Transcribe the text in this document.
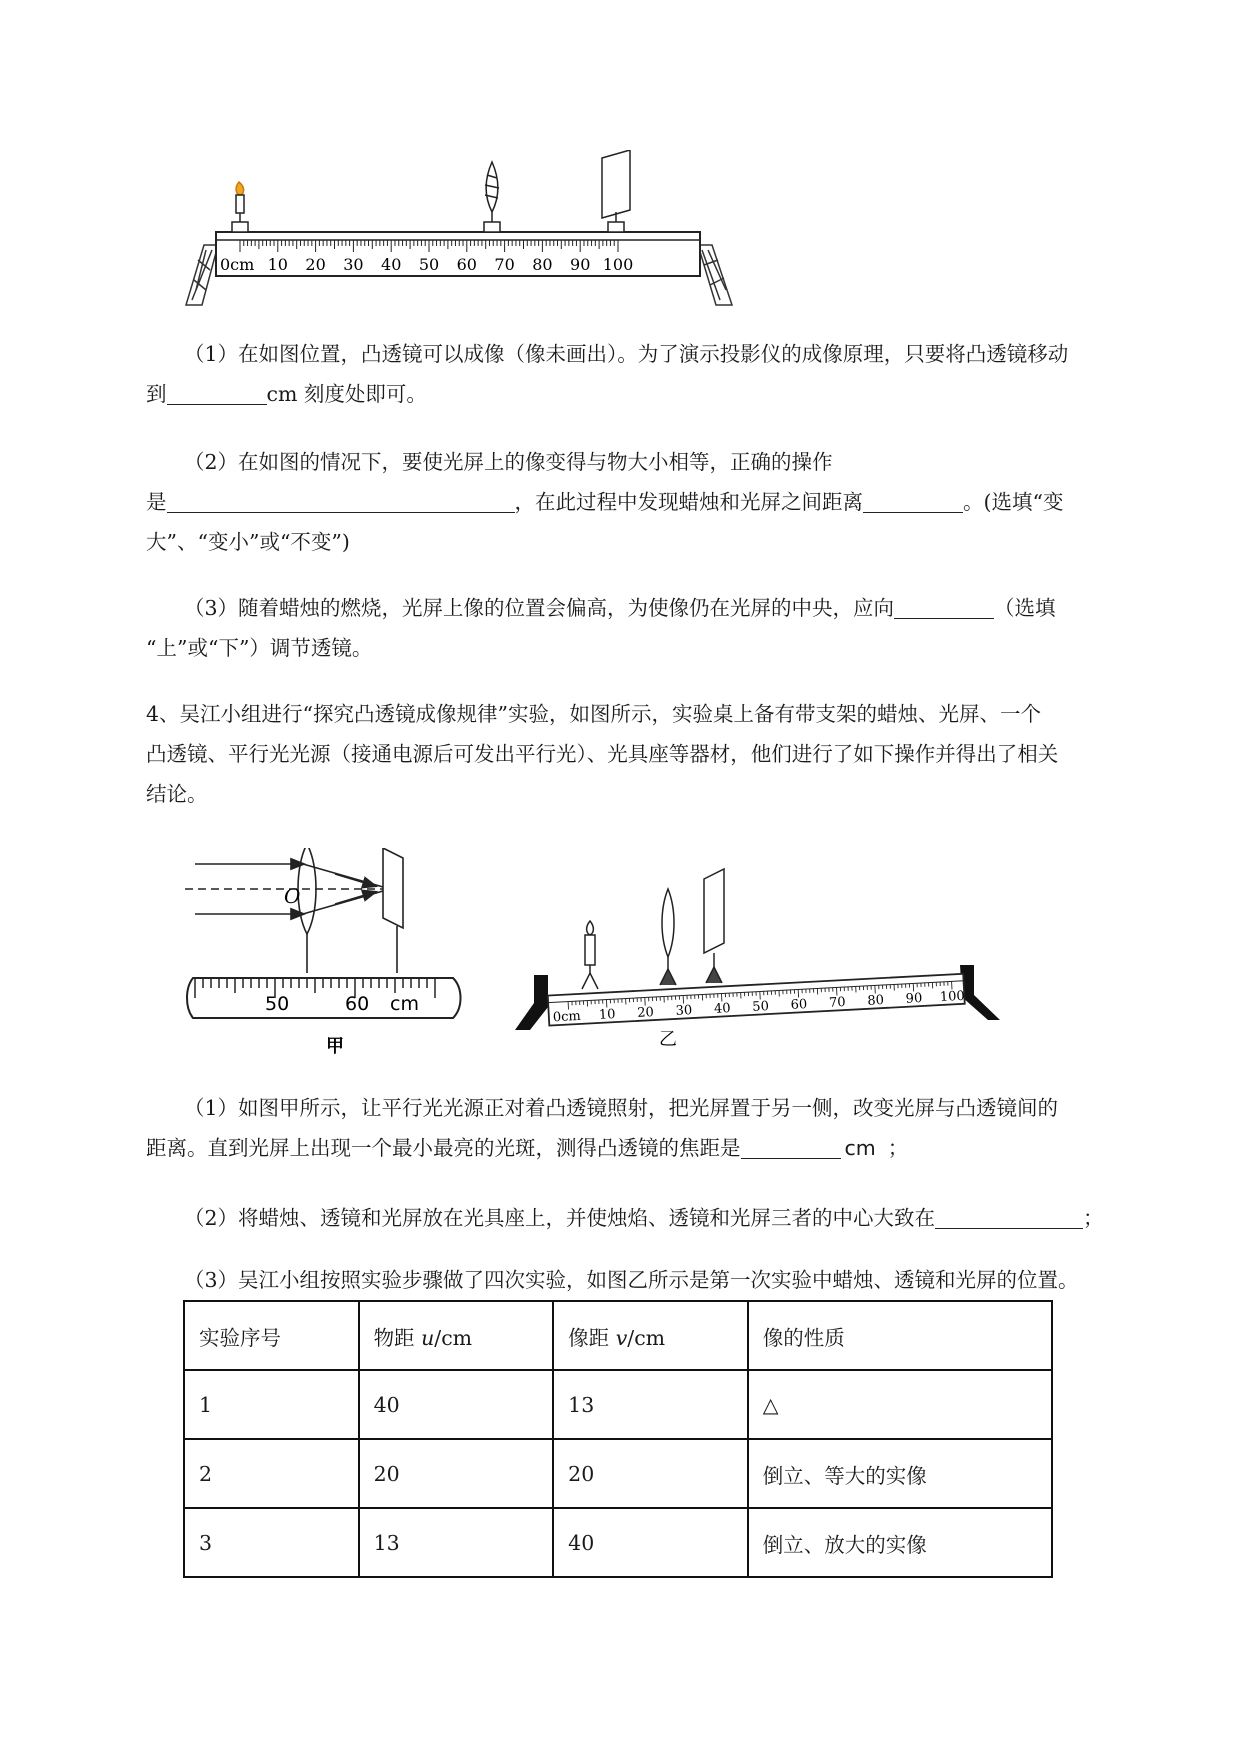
0cm 10 20 30 40 50 60 70 80 90 100

（1）在如图位置，凸透镜可以成像（像未画出）。为了演示投影仪的成像原理，只要将凸透镜移动
到	cm 刻度处即可。

（2）在如图的情况下，要使光屏上的像变得与物大小相等，正确的操作
是	，在此过程中发现蜡烛和光屏之间距离	。(选填“变
大”、“变小”或“不变”)

（3）随着蜡烛的燃烧，光屏上像的位置会偏高，为使像仍在光屏的中央，应向	（选填
“上”或“下”）调节透镜。

4、吴江小组进行“探究凸透镜成像规律”实验，如图所示，实验桌上备有带支架的蜡烛、光屏、一个
凸透镜、平行光光源（接通电源后可发出平行光）、光具座等器材，他们进行了如下操作并得出了相关
结论。

O
50	60 cm
甲
0cm 10 20 30 40 50 60 70 80 90 100
乙

（1）如图甲所示，让平行光光源正对着凸透镜照射，把光屏置于另一侧，改变光屏与凸透镜间的
距离。直到光屏上出现一个最小最亮的光斑，测得凸透镜的焦距是	cm ；

（2）将蜡烛、透镜和光屏放在光具座上，并使烛焰、透镜和光屏三者的中心大致在	；

（3）吴江小组按照实验步骤做了四次实验，如图乙所示是第一次实验中蜡烛、透镜和光屏的位置。

实验序号	物距 u/cm	像距 v/cm	像的性质
1	40	13	△
2	20	20	倒立、等大的实像
3	13	40	倒立、放大的实像
